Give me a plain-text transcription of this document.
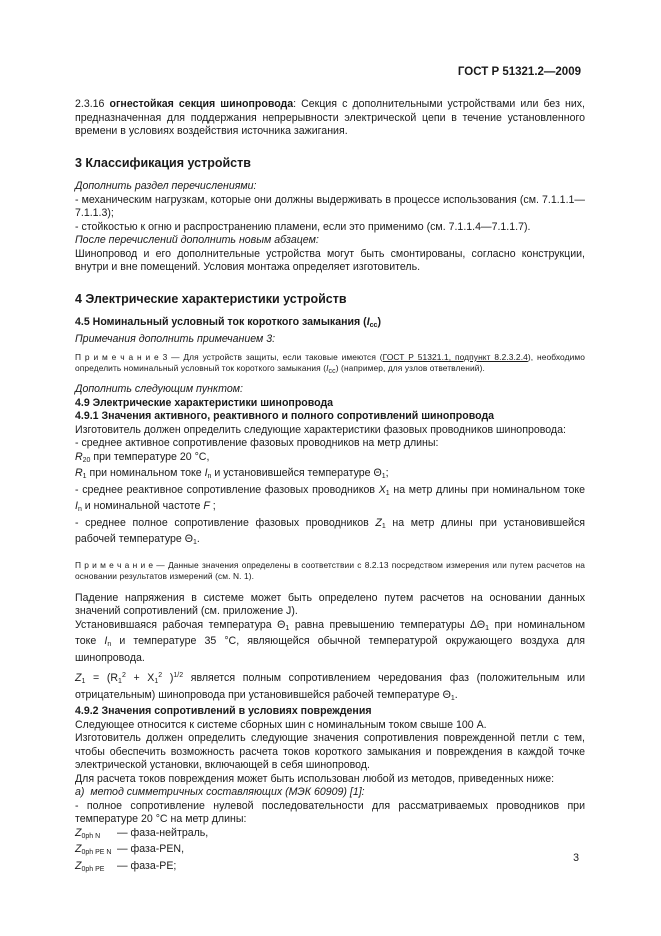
ГОСТ Р 51321.2—2009

2.3.16 огнестойкая секция шинопровода: Секция с дополнительными устройствами или без них, предназначенная для поддержания непрерывности электрической цепи в течение установленного времени в условиях воздействия источника зажигания.

3 Классификация устройств

Дополнить раздел перечислениями:

- механическим нагрузкам, которые они должны выдерживать в процессе использования (см. 7.1.1.1—7.1.1.3);

- стойкостью к огню и распространению пламени, если это применимо (см. 7.1.1.4—7.1.1.7).

После перечислений дополнить новым абзацем:

Шинопровод и его дополнительные устройства могут быть смонтированы, согласно конструкции, внутри и вне помещений. Условия монтажа определяет изготовитель.

4 Электрические характеристики устройств

4.5 Номинальный условный ток короткого замыкания $(I_{cc})$

Примечания дополнить примечанием 3:

П р и м е ч а н и е 3 — Для устройств защиты, если таковые имеются (ГОСТ Р 51321.1, подпункт 8.2.3.2.4), необходимо определить номинальный условный ток короткого замыкания $(I_{cc})$ (например, для узлов ответвлений).

Дополнить следующим пунктом:

4.9 Электрические характеристики шинопровода

4.9.1 Значения активного, реактивного и полного сопротивлений шинопровода

Изготовитель должен определить следующие характеристики фазовых проводников шинопровода:

- среднее активное сопротивление фазовых проводников на метр длины:

$R_{20}$ при температуре 20 °С,

$R_1$ при номинальном токе $I_n$ и установившейся температуре $\Theta_1$;

- среднее реактивное сопротивление фазовых проводников $X_1$ на метр длины при номинальном токе $I_n$ и номинальной частоте F ;

- среднее полное сопротивление фазовых проводников $Z_1$ на метр длины при установившейся рабочей температуре $\Theta_1$.

П р и м е ч а н и е — Данные значения определены в соответствии с 8.2.13 посредством измерения или путем расчетов на основании результатов измерений (см. N. 1).

Падение напряжения в системе может быть определено путем расчетов на основании данных значений сопротивлений (см. приложение J).

Установившаяся рабочая температура $\Theta_1$ равна превышению температуры $\Delta\Theta_1$ при номинальном токе $I_n$ и температуре 35 °С, являющейся обычной температурой окружающего воздуха для шинопровода.

$Z_1 = (R_1^2 + X_1^2$ )$^{1/2}$ является полным сопротивлением чередования фаз (положительным или отрицательным) шинопровода при установившейся рабочей температуре $\Theta_1$.

4.9.2 Значения сопротивлений в условиях повреждения

Следующее относится к системе сборных шин с номинальным током свыше 100 А.

Изготовитель должен определить следующие значения сопротивления поврежденной петли с тем, чтобы обеспечить возможность расчета токов короткого замыкания и повреждения в каждой точке электрической установки, включающей в себя шинопровод.

Для расчета токов повреждения может быть использован любой из методов, приведенных ниже:

а) метод симметричных составляющих (МЭК 60909) [1]:

- полное сопротивление нулевой последовательности для рассматриваемых проводников при температуре 20 °С на метр длины:

$Z_{0ph N}$	— фаза-нейтраль,
$Z_{0ph PE N}$ — фаза-PEN,
$Z_{0ph PE}$	— фаза-PE;
3
